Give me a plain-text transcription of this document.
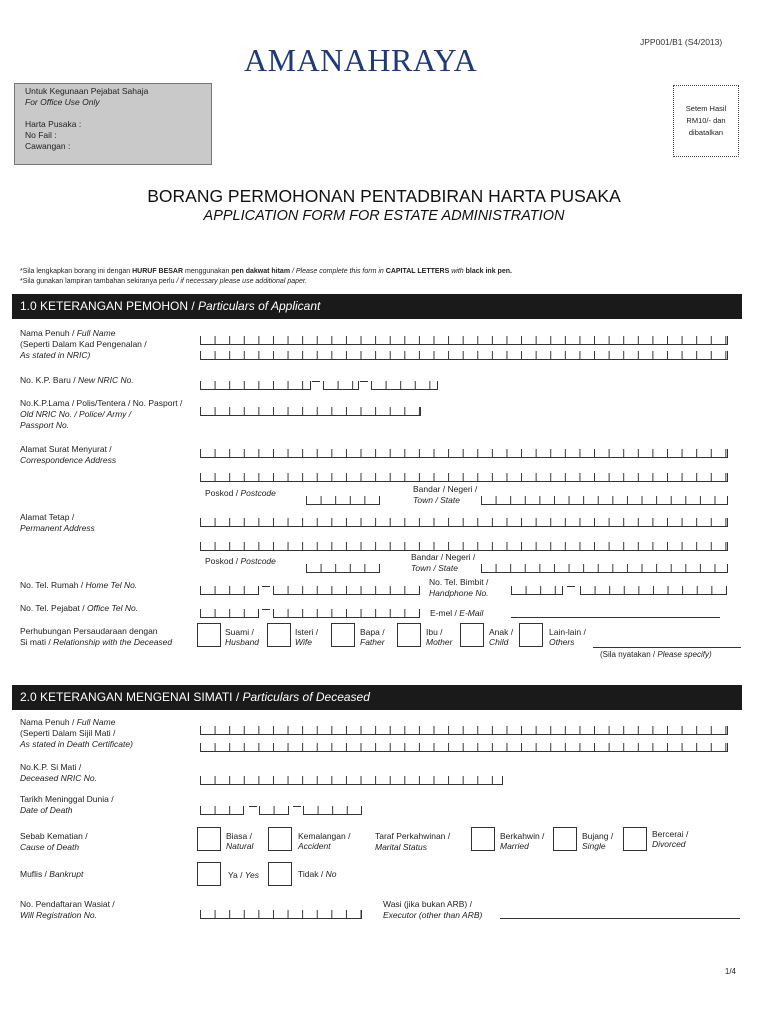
AMANAHRAYA	JPP001/B1 (S4/2013)
Untuk Kegunaan Pejabat Sahaja
For Office Use Only
Harta Pusaka :
No Fail :
Cawangan :
Setem Hasil
RM10/- dan
dibatalkan
BORANG PERMOHONAN PENTADBIRAN HARTA PUSAKA
APPLICATION FORM FOR ESTATE ADMINISTRATION
*Sila lengkapkan borang ini dengan HURUF BESAR menggunakan pen dakwat hitam / Please complete this form in CAPITAL LETTERS with black ink pen.
*Sila gunakan lampiran tambahan sekiranya perlu / if necessary please use additional paper.
1.0 KETERANGAN PEMOHON / Particulars of Applicant
Nama Penuh / Full Name
(Seperti Dalam Kad Pengenalan /
As stated in NRIC)
No. K.P. Baru / New NRIC No.
No.K.P.Lama / Polis/Tentera / No. Pasport /
Old NRIC No. / Police/ Army /
Passport No.
Alamat Surat Menyurat /
Correspondence Address
Poskod / Postcode	Bandar / Negeri /
Town / State
Alamat Tetap /
Permanent Address
Poskod / Postcode	Bandar / Negeri /
Town / State
No. Tel. Rumah / Home Tel No.	No. Tel. Bimbit /
Handphone No.
No. Tel. Pejabat / Office Tel No.	E-mel / E-Mail
Perhubungan Persaudaraan dengan
Si mati / Relationship with the Deceased
Suami /
Husband
Isteri /
Wife
Bapa /
Father
Ibu /
Mother
Anak /
Child
Lain-lain /
Others
(Sila nyatakan / Please specify)
2.0 KETERANGAN MENGENAI SIMATI / Particulars of Deceased
Nama Penuh / Full Name
(Seperti Dalam Sijil Mati /
As stated in Death Certificate)
No.K.P. Si Mati /
Deceased NRIC No.
Tarikh Meninggal Dunia /
Date of Death
Sebab Kematian /
Cause of Death
Biasa /
Natural
Kemalangan /
Accident
Taraf Perkahwinan /
Marital Status
Berkahwin /
Married
Bujang /
Single
Bercerai /
Divorced
Muflis / Bankrupt	Ya / Yes	Tidak / No
No. Pendaftaran Wasiat /
Will Registration No.
Wasi (jika bukan ARB) /
Executor (other than ARB)
1/4
